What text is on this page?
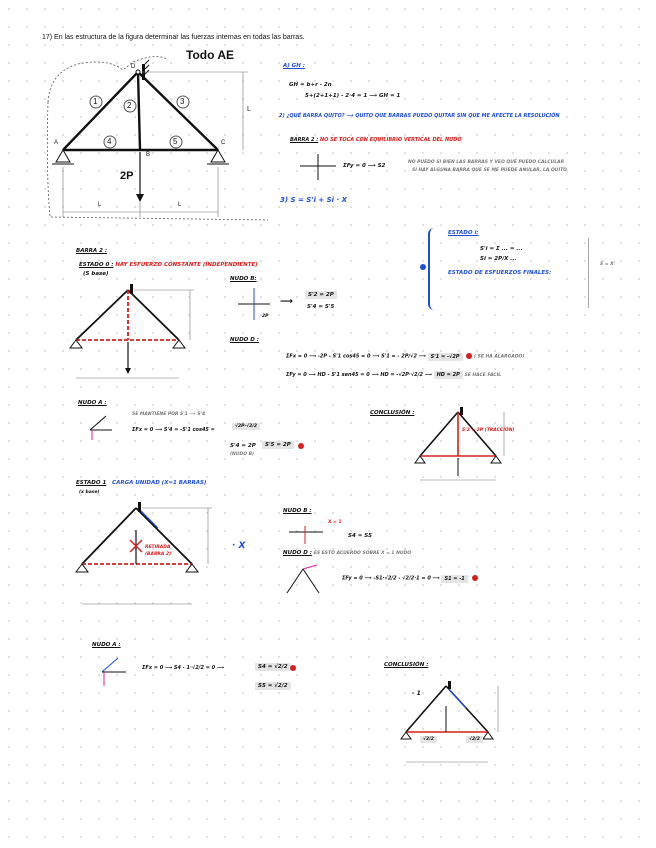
17) En las estructura de la figura determinar las fuerzas internas en todas las barras.
Todo AE
1	2	3
4	5
A
B
C
D
2P
L	L
L
A) GH :
GH = b+r - 2n
5+(2+1+1) - 2·4 = 1 ⟶ GH = 1
2) ¿QUÉ BARRA QUITO? ⟶ QUITO QUE BARRAS PUEDO QUITAR SIN QUE ME AFECTE LA RESOLUCIÓN
BARRA 2 : NO SE TOCA CON EQUILIBRIO VERTICAL DEL NUDO
ΣFy = 0 ⟶ S2
NO PUEDO SI BIEN LAS BARRAS Y VEO QUÉ PUEDO CALCULAR
SI HAY ALGUNA BARRA QUE SE ME PUEDE ANULAR, LA QUITO
3) S = S'i + Si · X
ESTADO i:
S'i = Σ ... = ...
Si = 2P/X ...
ESTADO DE ESFUERZOS FINALES:
S = X'
BARRA 2 :
ESTADO 0 : HAY ESFUERZO CONSTANTE (INDEPENDIENTE)
(S base)
NUDO B:
2P
⟶
S'2 = 2P
S'4 = S'5
NUDO D :
ΣFx = 0 ⟶ -2P - S'1 cos45 = 0 ⟶ S'1 = - 2P/√2 ⟶ S'1 = -√2P	( SE HA ALARGADO)
ΣFy = 0 ⟶ HD - S'1 sen45 = 0 ⟶ HD = -√2P·√2/2 ⟶ HD = 2P SE HACE FACIL
NUDO A :
SE MANTIENE POR S'1 ⟶ S'4
ΣFx = 0 ⟶ S'4 = -S'1 cos45 =
√2P·√2/2
S'4 = 2P
(NUDO B)
S'5 = 2P
CONCLUSIÓN :
S'2 = 2P (TRACCIÓN)
ESTADO 1 CARGA UNIDAD (X=1 BARRAS)
(x base)
RETIRADA
(BARRA 2)
· X
NUDO B :
X = 1
S4 = S5
NUDO D : ES ESTO ACUERDO SOBRE X = 1 NUDO
ΣFy = 0 ⟶ -S1·√2/2 - √2/2·1 = 0 ⟶ S1 = -1
NUDO A :
ΣFx = 0 ⟶ S4 - 1·√2/2 = 0 ⟶	S4 = √2/2
S5 = √2/2
CONCLUSIÓN :
- 1
√2/2	√2/2
